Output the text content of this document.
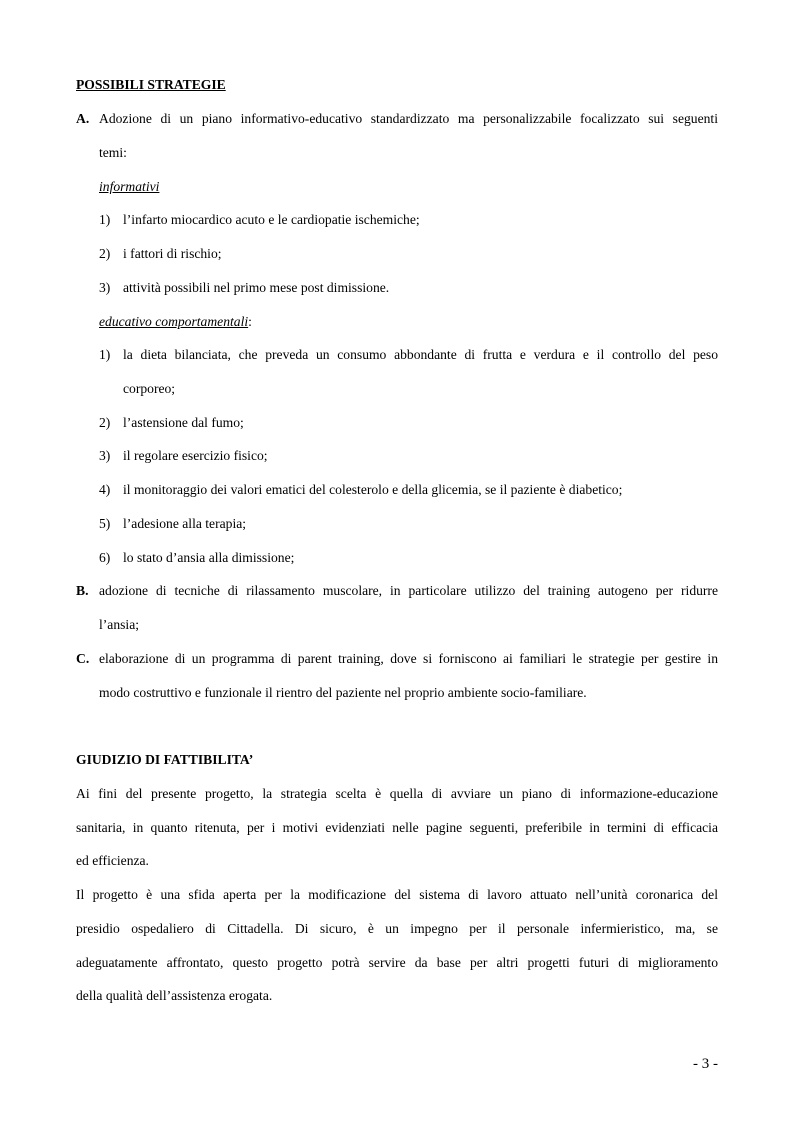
POSSIBILI STRATEGIE
A. Adozione di un piano informativo-educativo standardizzato ma personalizzabile focalizzato sui seguenti
temi:
informativi
1) l’infarto miocardico acuto e le cardiopatie ischemiche;
2) i fattori di rischio;
3) attività possibili nel primo mese post dimissione.
educativo comportamentali:
1) la dieta bilanciata, che preveda un consumo abbondante di frutta e verdura e il controllo del peso
corporeo;
2) l’astensione dal fumo;
3) il regolare esercizio fisico;
4) il monitoraggio dei valori ematici del colesterolo e della glicemia, se il paziente è diabetico;
5) l’adesione alla terapia;
6) lo stato d’ansia alla dimissione;
B. adozione di tecniche di rilassamento muscolare, in particolare utilizzo del training autogeno per ridurre
l’ansia;
C. elaborazione di un programma di parent training, dove si forniscono ai familiari le strategie per gestire in
modo costruttivo e funzionale il rientro del paziente nel proprio ambiente socio-familiare.
GIUDIZIO DI FATTIBILITA’
Ai fini del presente progetto, la strategia scelta è quella di avviare un piano di informazione-educazione
sanitaria, in quanto ritenuta, per i motivi evidenziati nelle pagine seguenti, preferibile in termini di efficacia
ed efficienza.
Il progetto è una sfida aperta per la modificazione del sistema di lavoro attuato nell’unità coronarica del
presidio ospedaliero di Cittadella. Di sicuro, è un impegno per il personale infermieristico, ma, se
adeguatamente affrontato, questo progetto potrà servire da base per altri progetti futuri di miglioramento
della qualità dell’assistenza erogata.
- 3 -
